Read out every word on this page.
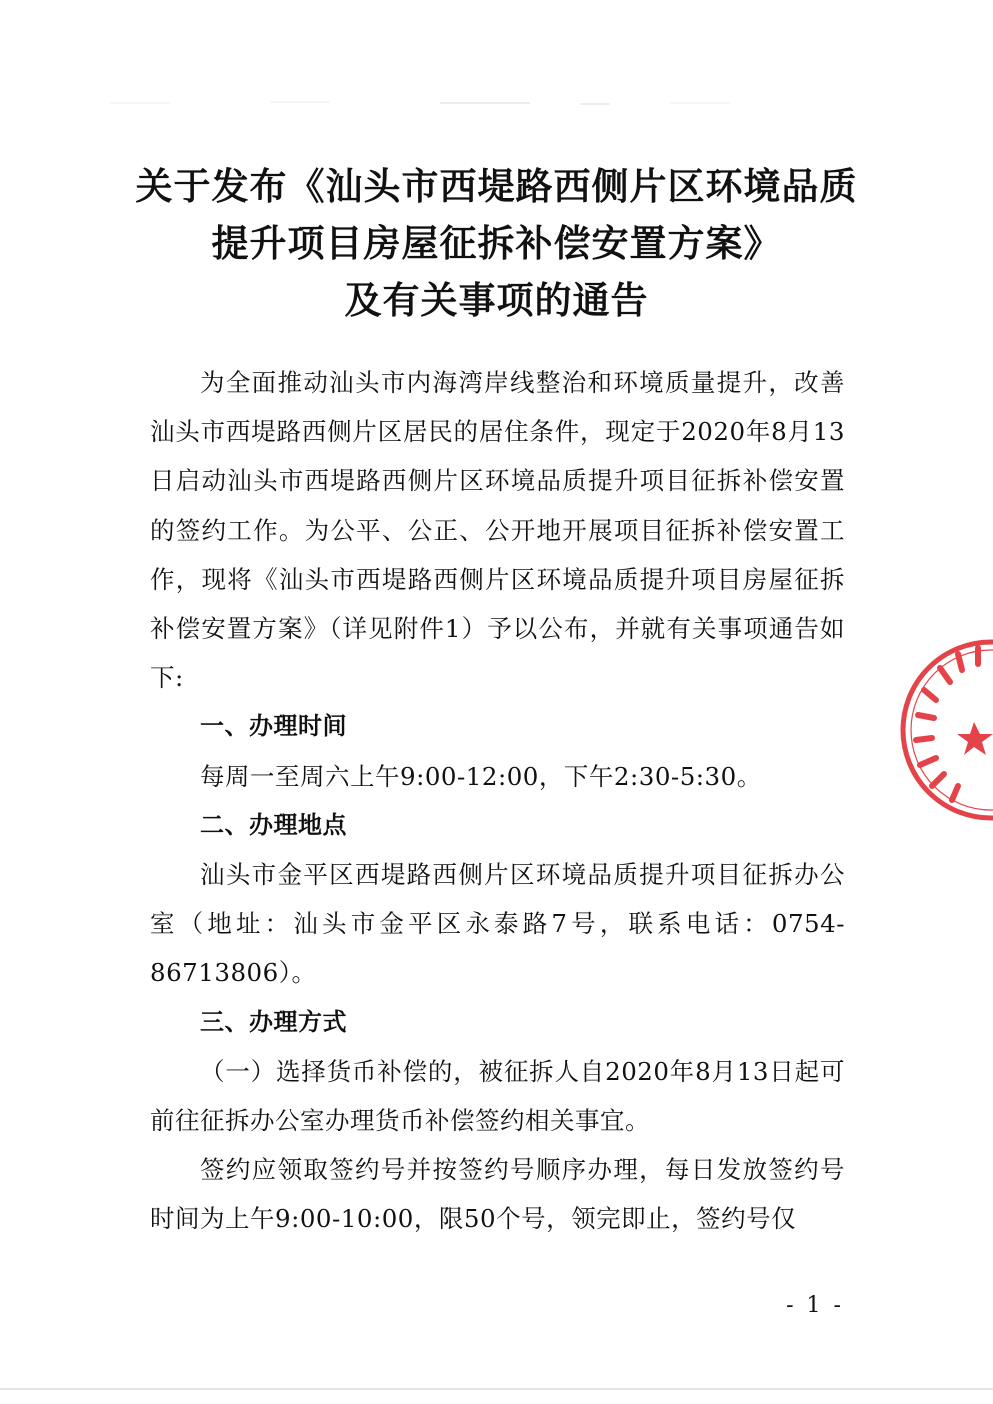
关于发布《汕头市西堤路西侧片区环境品质
提升项目房屋征拆补偿安置方案》
及有关事项的通告

为全面推动汕头市内海湾岸线整治和环境质量提升，改善汕头市西堤路西侧片区居民的居住条件，现定于2020年8月13日启动汕头市西堤路西侧片区环境品质提升项目征拆补偿安置的签约工作。为公平、公正、公开地开展项目征拆补偿安置工作，现将《汕头市西堤路西侧片区环境品质提升项目房屋征拆补偿安置方案》（详见附件1）予以公布，并就有关事项通告如下:

一、办理时间

每周一至周六上午9:00-12:00，下午2:30-5:30。

二、办理地点

汕头市金平区西堤路西侧片区环境品质提升项目征拆办公室（地址：汕头市金平区永泰路7号，联系电话：0754-86713806）。

三、办理方式

（一）选择货币补偿的，被征拆人自2020年8月13日起可前往征拆办公室办理货币补偿签约相关事宜。

签约应领取签约号并按签约号顺序办理，每日发放签约号时间为上午9:00-10:00，限50个号，领完即止，签约号仅

- 1 -
